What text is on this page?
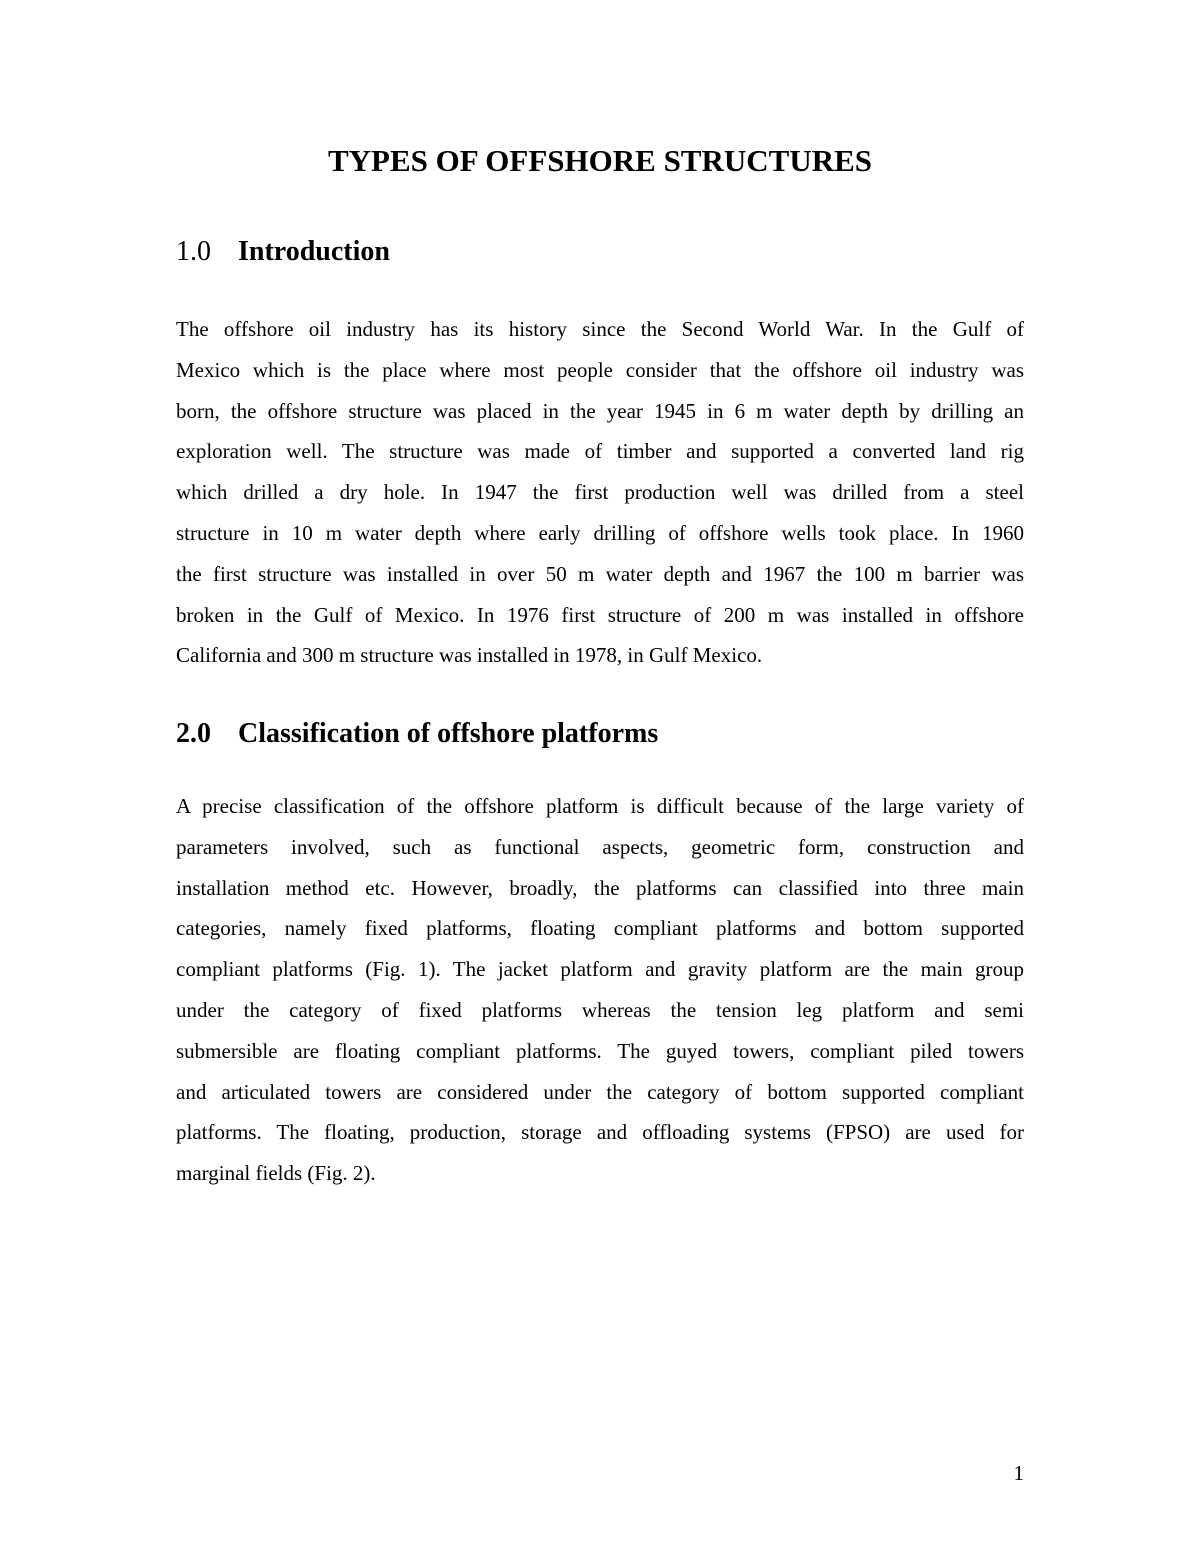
TYPES OF OFFSHORE STRUCTURES
1.0 Introduction

The offshore oil industry has its history since the Second World War. In the Gulf of
Mexico which is the place where most people consider that the offshore oil industry was
born, the offshore structure was placed in the year 1945 in 6 m water depth by drilling an
exploration well. The structure was made of timber and supported a converted land rig
which drilled a dry hole. In 1947 the first production well was drilled from a steel
structure in 10 m water depth where early drilling of offshore wells took place. In 1960
the first structure was installed in over 50 m water depth and 1967 the 100 m barrier was
broken in the Gulf of Mexico. In 1976 first structure of 200 m was installed in offshore
California and 300 m structure was installed in 1978, in Gulf Mexico.

2.0 Classification of offshore platforms

A precise classification of the offshore platform is difficult because of the large variety of
parameters involved, such as functional aspects, geometric form, construction and
installation method etc. However, broadly, the platforms can classified into three main
categories, namely fixed platforms, floating compliant platforms and bottom supported
compliant platforms (Fig. 1). The jacket platform and gravity platform are the main group
under the category of fixed platforms whereas the tension leg platform and semi
submersible are floating compliant platforms. The guyed towers, compliant piled towers
and articulated towers are considered under the category of bottom supported compliant
platforms. The floating, production, storage and offloading systems (FPSO) are used for
marginal fields (Fig. 2).

1
